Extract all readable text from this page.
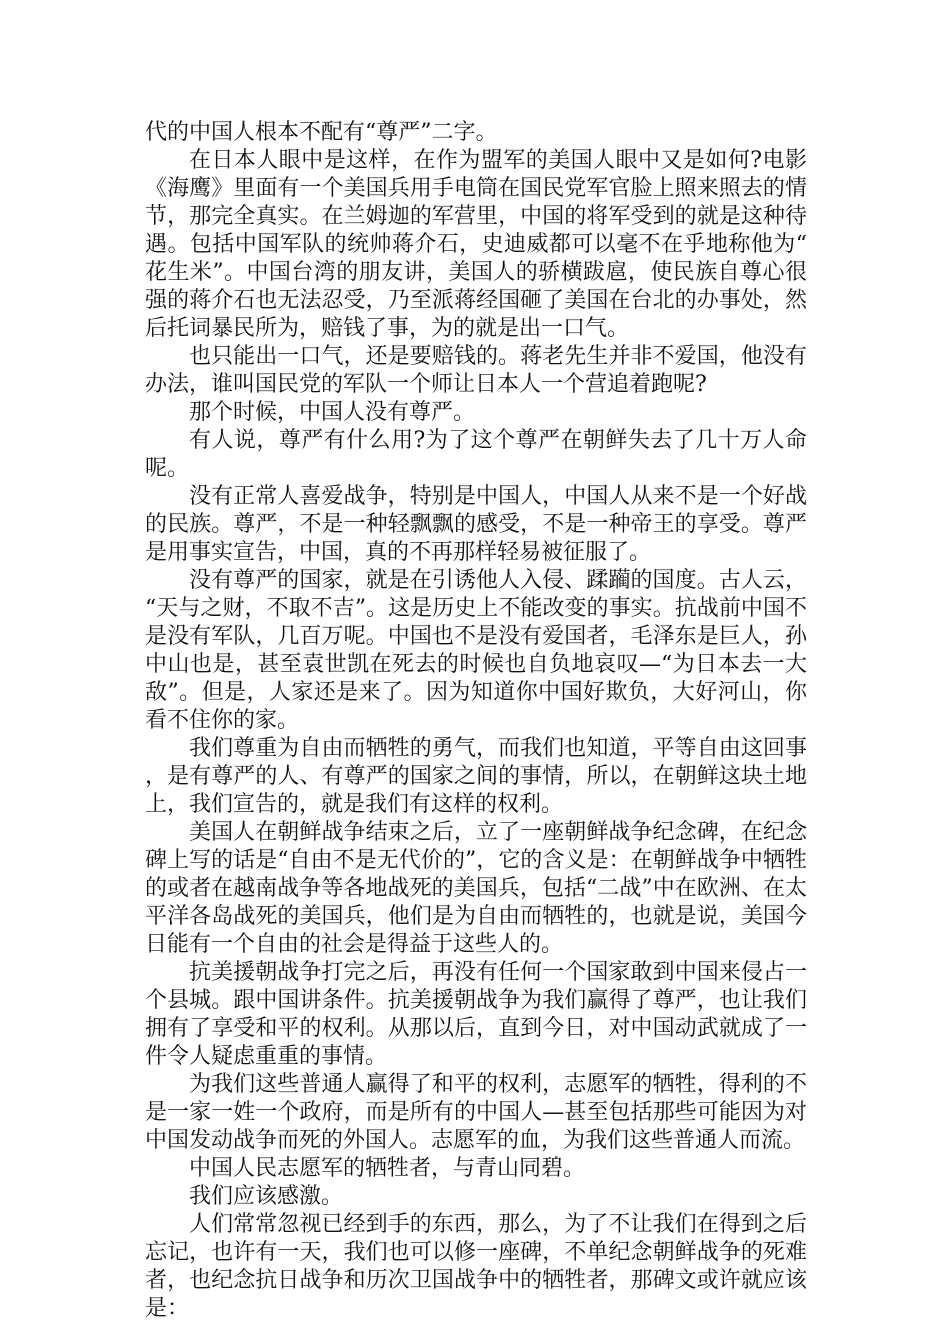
代的中国人根本不配有“尊严”二字。

在日本人眼中是这样，在作为盟军的美国人眼中又是如何?电影《海鹰》里面有一个美国兵用手电筒在国民党军官脸上照来照去的情节，那完全真实。在兰姆迦的军营里，中国的将军受到的就是这种待遇。包括中国军队的统帅蒋介石，史迪威都可以毫不在乎地称他为“花生米”。中国台湾的朋友讲，美国人的骄横跋扈，使民族自尊心很强的蒋介石也无法忍受，乃至派蒋经国砸了美国在台北的办事处，然后托词暴民所为，赔钱了事，为的就是出一口气。

也只能出一口气，还是要赔钱的。蒋老先生并非不爱国，他没有办法，谁叫国民党的军队一个师让日本人一个营追着跑呢?

那个时候，中国人没有尊严。

有人说，尊严有什么用?为了这个尊严在朝鲜失去了几十万人命呢。

没有正常人喜爱战争，特别是中国人，中国人从来不是一个好战的民族。尊严，不是一种轻飘飘的感受，不是一种帝王的享受。尊严是用事实宣告，中国，真的不再那样轻易被征服了。

没有尊严的国家，就是在引诱他人入侵、蹂躏的国度。古人云，“天与之财，不取不吉”。这是历史上不能改变的事实。抗战前中国不是没有军队，几百万呢。中国也不是没有爱国者，毛泽东是巨人，孙中山也是，甚至袁世凯在死去的时候也自负地哀叹—“为日本去一大敌”。但是，人家还是来了。因为知道你中国好欺负，大好河山，你看不住你的家。

我们尊重为自由而牺牲的勇气，而我们也知道，平等自由这回事，是有尊严的人、有尊严的国家之间的事情，所以，在朝鲜这块土地上，我们宣告的，就是我们有这样的权利。

美国人在朝鲜战争结束之后，立了一座朝鲜战争纪念碑，在纪念碑上写的话是“自由不是无代价的”，它的含义是：在朝鲜战争中牺牲的或者在越南战争等各地战死的美国兵，包括“二战”中在欧洲、在太平洋各岛战死的美国兵，他们是为自由而牺牲的，也就是说，美国今日能有一个自由的社会是得益于这些人的。

抗美援朝战争打完之后，再没有任何一个国家敢到中国来侵占一个县城。跟中国讲条件。抗美援朝战争为我们赢得了尊严，也让我们拥有了享受和平的权利。从那以后，直到今日，对中国动武就成了一件令人疑虑重重的事情。

为我们这些普通人赢得了和平的权利，志愿军的牺牲，得利的不是一家一姓一个政府，而是所有的中国人—甚至包括那些可能因为对中国发动战争而死的外国人。志愿军的血，为我们这些普通人而流。

中国人民志愿军的牺牲者，与青山同碧。

我们应该感激。

人们常常忽视已经到手的东西，那么，为了不让我们在得到之后忘记，也许有一天，我们也可以修一座碑，不单纪念朝鲜战争的死难者，也纪念抗日战争和历次卫国战争中的牺牲者，那碑文或许就应该是：
